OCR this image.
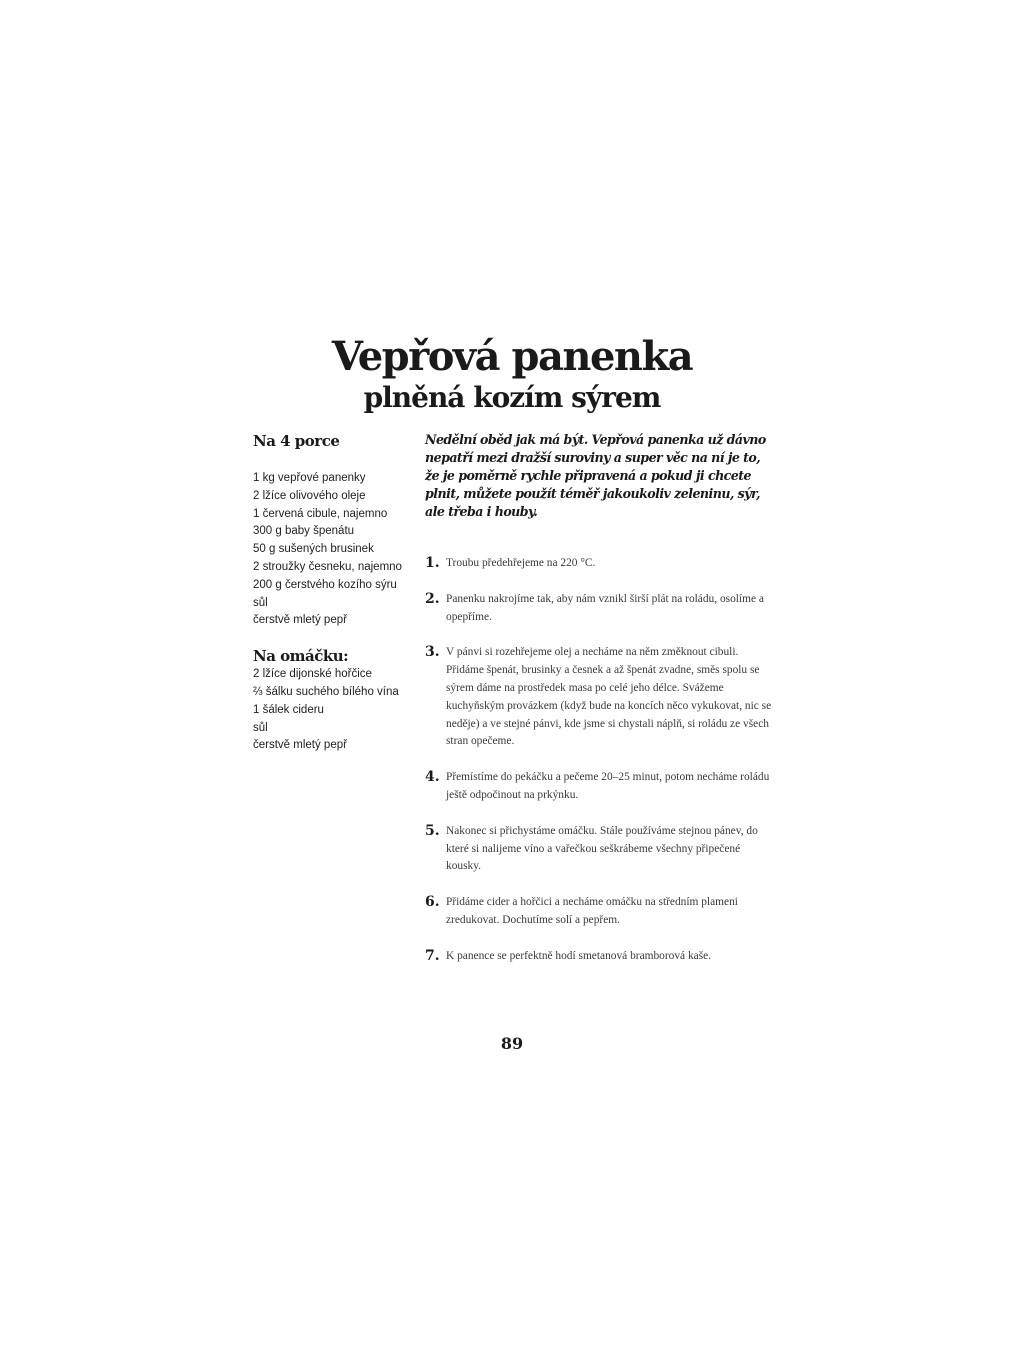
Vepřová panenka
plněná kozím sýrem
Na 4 porce
1 kg vepřové panenky
2 lžíce olivového oleje
1 červená cibule, najemno
300 g baby špenátu
50 g sušených brusinek
2 stroužky česneku, najemno
200 g čerstvého kozího sýru
sůl
čerstvě mletý pepř
Na omáčku:
2 lžíce dijonské hořčice
⅔ šálku suchého bílého vína
1 šálek cideru
sůl
čerstvě mletý pepř

Nedělní oběd jak má být. Vepřová panenka už dávno nepatří mezi dražší suroviny a super věc na ní je to, že je poměrně rychle připravená a pokud ji chcete plnit, můžete použít téměř jakoukoliv zeleninu, sýr, ale třeba i houby.

1. Troubu předehřejeme na 220 °C.

2. Panenku nakrojíme tak, aby nám vznikl širší plát na roládu, osolíme a opepříme.

3. V pánvi si rozehřejeme olej a necháme na něm změknout cibuli. Přidáme špenát, brusinky a česnek a až špenát zvadne, směs spolu se sýrem dáme na prostředek masa po celé jeho délce. Svážeme kuchyňským provázkem (když bude na koncích něco vykukovat, nic se neděje) a ve stejné pánvi, kde jsme si chystali náplň, si roládu ze všech stran opečeme.

4. Přemístíme do pekáčku a pečeme 20–25 minut, potom necháme roládu ještě odpočinout na prkýnku.

5. Nakonec si přichystáme omáčku. Stále používáme stejnou pánev, do které si nalijeme víno a vařečkou seškrábeme všechny připečené kousky.

6. Přidáme cider a hořčici a necháme omáčku na středním plameni zredukovat. Dochutíme solí a pepřem.

7. K panence se perfektně hodí smetanová bramborová kaše.

89
